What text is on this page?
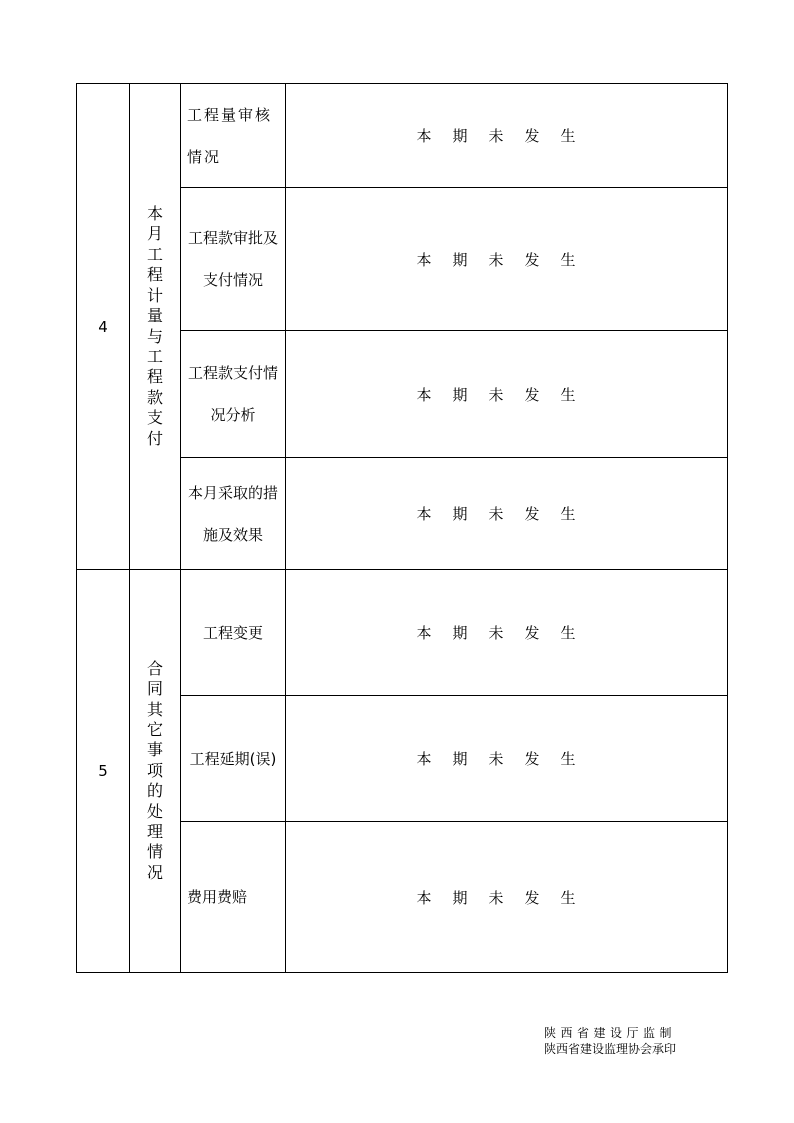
4	本月工程计量与工程款支付	工程量审核情况	本期未发生
		工程款审批及支付情况	本期未发生
		工程款支付情况分析	本期未发生
		本月采取的措施及效果	本期未发生
5	合同其它事项的处理情况	工程变更	本期未发生
		工程延期(误)	本期未发生
		费用费赔	本期未发生
陕西省建设厅监制
陕西省建设监理协会承印
